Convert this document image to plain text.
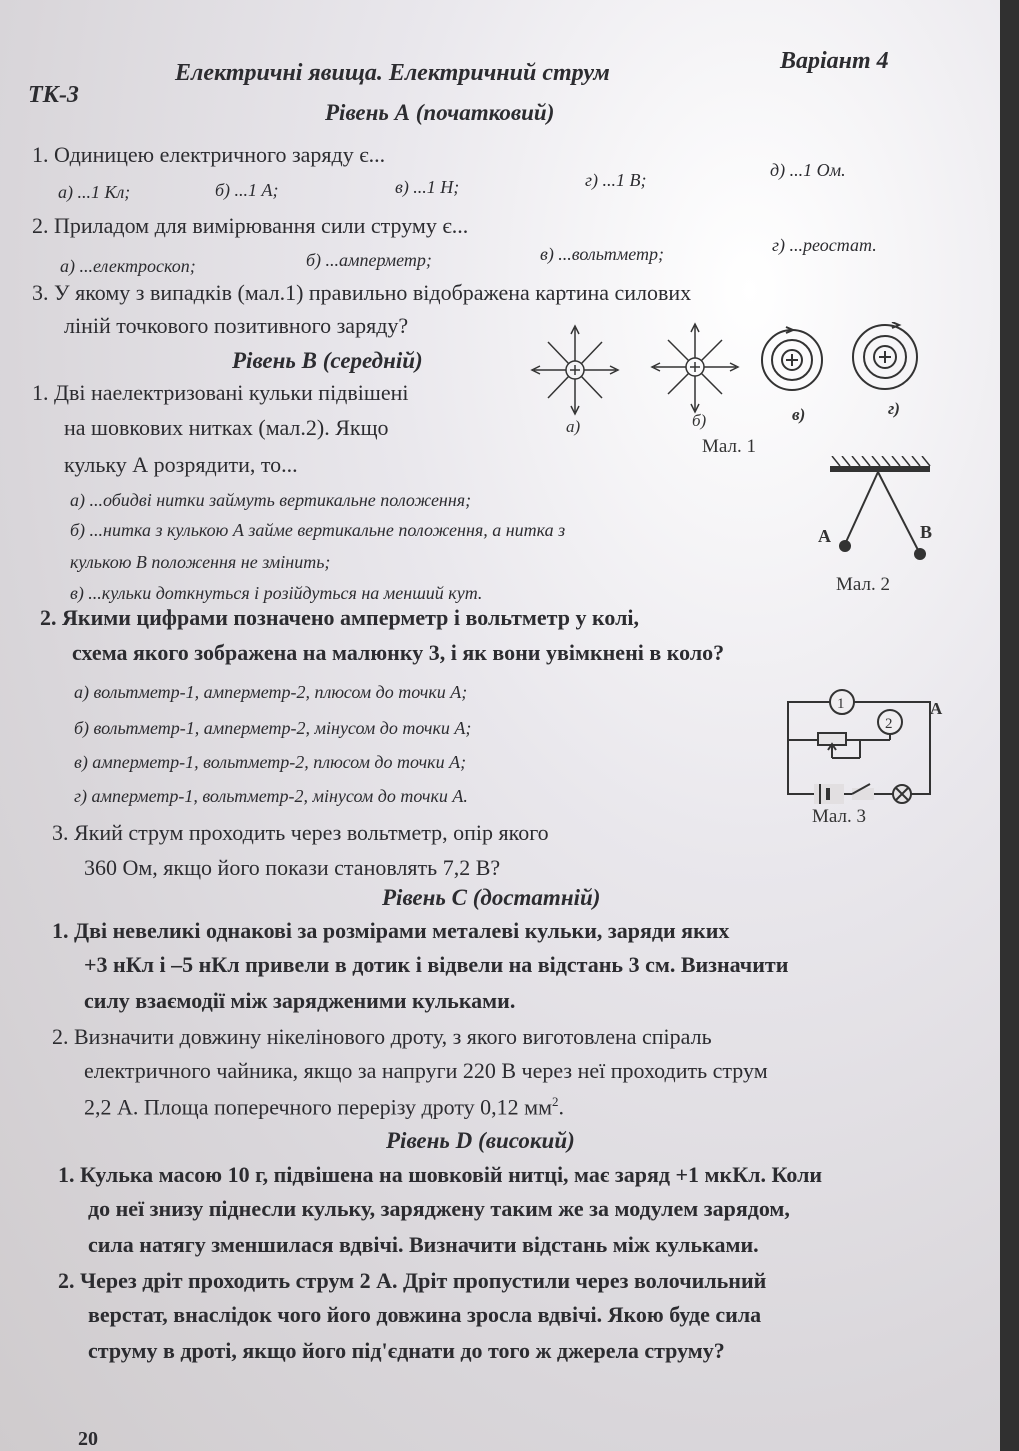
ТК-3
Електричні явища. Електричний струм	Варіант 4
Рівень А (початковий)
1. Одиницею електричного заряду є...
а) ...1 Кл;	б) ...1 А;	в) ...1 Н;	г) ...1 В;	д) ...1 Ом.
2. Приладом для вимірювання сили струму є...
а) ...електроскоп;	б) ...амперметр;	в) ...вольтметр;	г) ...реостат.
3. У якому з випадків (мал.1) правильно відображена картина силових
ліній точкового позитивного заряду?
а)	б)	в)	г)
Мал. 1
Рівень В (середній)
1. Дві наелектризовані кульки підвішені
на шовкових нитках (мал.2). Якщо
кульку А розрядити, то...
а) ...обидві нитки займуть вертикальне положення;
б) ...нитка з кулькою А займе вертикальне положення, а нитка з
кулькою В положення не змінить;
в) ...кульки доткнуться і розійдуться на менший кут.
A	B
Мал. 2
2. Якими цифрами позначено амперметр і вольтметр у колі,
схема якого зображена на малюнку 3, і як вони увімкнені в коло?
а) вольтметр-1, амперметр-2, плюсом до точки А;
б) вольтметр-1, амперметр-2, мінусом до точки А;
в) амперметр-1, вольтметр-2, плюсом до точки А;
г) амперметр-1, вольтметр-2, мінусом до точки А.
1
2
A
Мал. 3
3. Який струм проходить через вольтметр, опір якого
360 Ом, якщо його покази становлять 7,2 В?
Рівень С (достатній)
1. Дві невеликі однакові за розмірами металеві кульки, заряди яких
+3 нКл і –5 нКл привели в дотик і відвели на відстань 3 см. Визначити
силу взаємодії між зарядженими кульками.
2. Визначити довжину нікелінового дроту, з якого виготовлена спіраль
електричного чайника, якщо за напруги 220 В через неї проходить струм
2,2 А. Площа поперечного перерізу дроту 0,12 $мм^2$.
Рівень D (високий)
1. Кулька масою 10 г, підвішена на шовковій нитці, має заряд +1 мкКл. Коли
до неї знизу піднесли кульку, заряджену таким же за модулем зарядом,
сила натягу зменшилася вдвічі. Визначити відстань між кульками.
2. Через дріт проходить струм 2 А. Дріт пропустили через волочильний
верстат, внаслідок чого його довжина зросла вдвічі. Якою буде сила
струму в дроті, якщо його під'єднати до того ж джерела струму?
20
